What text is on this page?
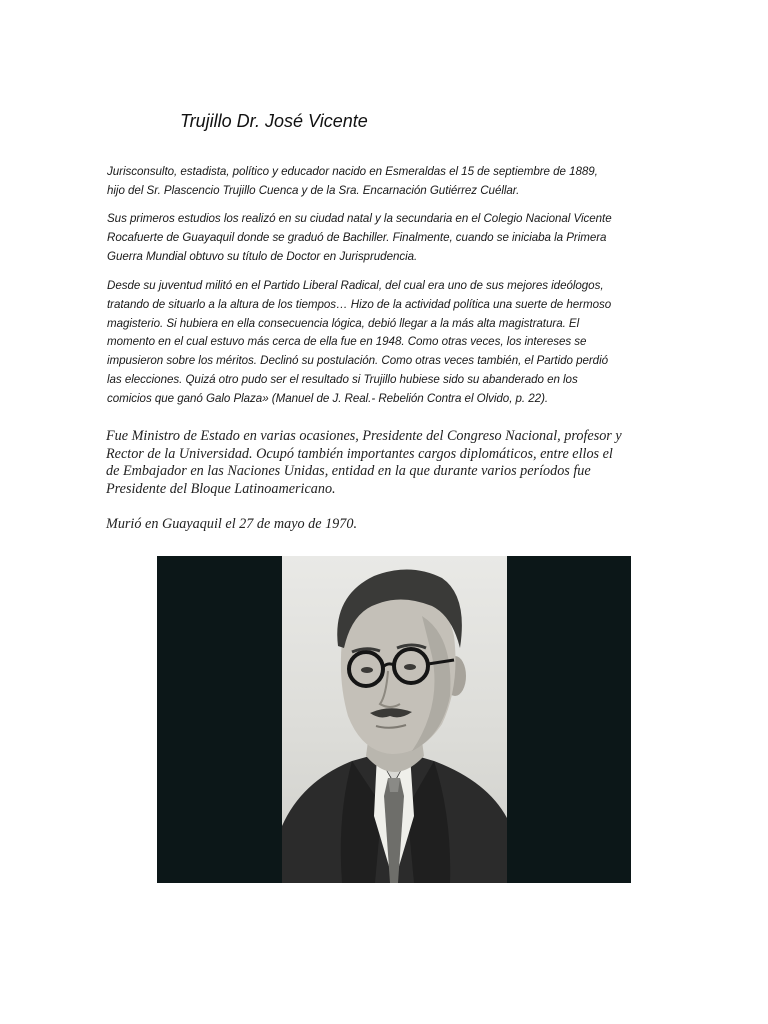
Trujillo Dr. José Vicente

Jurisconsulto, estadista, político y educador nacido en Esmeraldas el 15 de septiembre de 1889,
hijo del Sr. Plascencio Trujillo Cuenca y de la Sra. Encarnación Gutiérrez Cuéllar.

Sus primeros estudios los realizó en su ciudad natal y la secundaria en el Colegio Nacional Vicente
Rocafuerte de Guayaquil donde se graduó de Bachiller. Finalmente, cuando se iniciaba la Primera
Guerra Mundial obtuvo su título de Doctor en Jurisprudencia.

Desde su juventud militó en el Partido Liberal Radical, del cual era uno de sus mejores ideólogos,
tratando de situarlo a la altura de los tiempos… Hizo de la actividad política una suerte de hermoso
magisterio. Si hubiera en ella consecuencia lógica, debió llegar a la más alta magistratura. El
momento en el cual estuvo más cerca de ella fue en 1948. Como otras veces, los intereses se
impusieron sobre los méritos. Declinó su postulación. Como otras veces también, el Partido perdió
las elecciones. Quizá otro pudo ser el resultado si Trujillo hubiese sido su abanderado en los
comicios que ganó Galo Plaza» (Manuel de J. Real.- Rebelión Contra el Olvido, p. 22).

Fue Ministro de Estado en varias ocasiones, Presidente del Congreso Nacional, profesor y
Rector de la Universidad. Ocupó también importantes cargos diplomáticos, entre ellos el
de Embajador en las Naciones Unidas, entidad en la que durante varios períodos fue
Presidente del Bloque Latinoamericano.

Murió en Guayaquil el 27 de mayo de 1970.
